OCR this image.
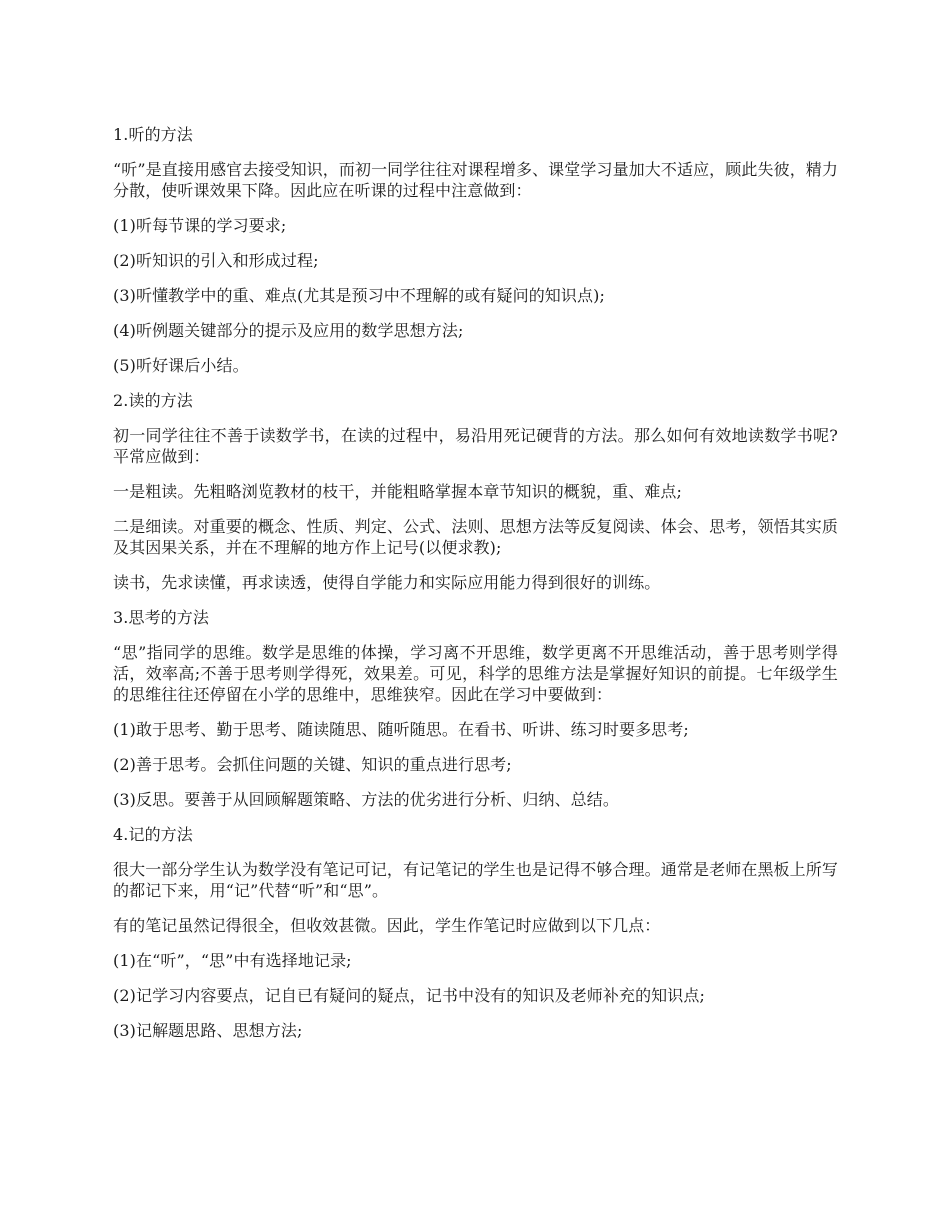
1.听的方法

“听”是直接用感官去接受知识，而初一同学往往对课程增多、课堂学习量加大不适应，顾此失彼，精力分散，使听课效果下降。因此应在听课的过程中注意做到：

(1)听每节课的学习要求;

(2)听知识的引入和形成过程;

(3)听懂教学中的重、难点(尤其是预习中不理解的或有疑问的知识点);

(4)听例题关键部分的提示及应用的数学思想方法;

(5)听好课后小结。

2.读的方法

初一同学往往不善于读数学书，在读的过程中，易沿用死记硬背的方法。那么如何有效地读数学书呢?平常应做到：

一是粗读。先粗略浏览教材的枝干，并能粗略掌握本章节知识的概貌，重、难点;

二是细读。对重要的概念、性质、判定、公式、法则、思想方法等反复阅读、体会、思考，领悟其实质及其因果关系，并在不理解的地方作上记号(以便求教);

读书，先求读懂，再求读透，使得自学能力和实际应用能力得到很好的训练。

3.思考的方法

“思”指同学的思维。数学是思维的体操，学习离不开思维，数学更离不开思维活动，善于思考则学得活，效率高;不善于思考则学得死，效果差。可见，科学的思维方法是掌握好知识的前提。七年级学生的思维往往还停留在小学的思维中，思维狭窄。因此在学习中要做到：

(1)敢于思考、勤于思考、随读随思、随听随思。在看书、听讲、练习时要多思考;

(2)善于思考。会抓住问题的关键、知识的重点进行思考;

(3)反思。要善于从回顾解题策略、方法的优劣进行分析、归纳、总结。

4.记的方法

很大一部分学生认为数学没有笔记可记，有记笔记的学生也是记得不够合理。通常是老师在黑板上所写的都记下来，用“记”代替“听”和“思”。

有的笔记虽然记得很全，但收效甚微。因此，学生作笔记时应做到以下几点：

(1)在“听”，“思”中有选择地记录;

(2)记学习内容要点，记自已有疑问的疑点，记书中没有的知识及老师补充的知识点;

(3)记解题思路、思想方法;
